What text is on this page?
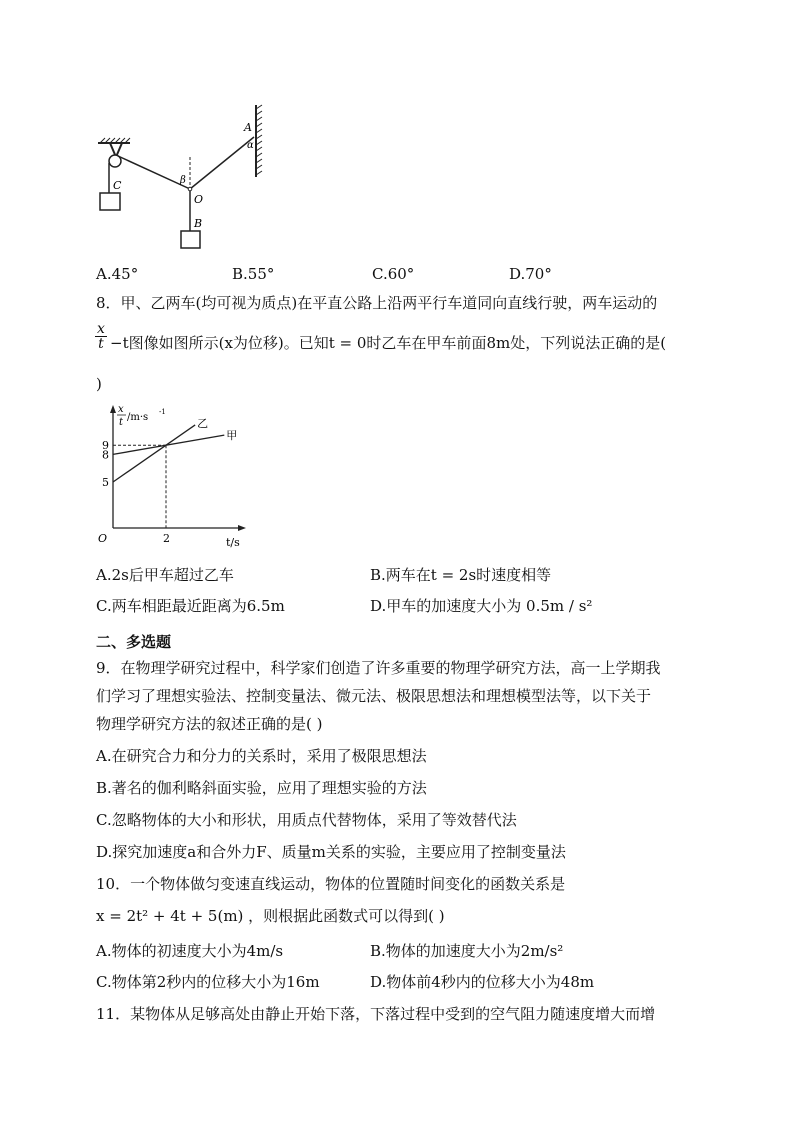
A
α
C	β
O
B
A.45°	B.55°	C.60°	D.70°
8．甲、乙两车(均可视为质点)在平直公路上沿两平行车道同向直线行驶，两车运动的
$\frac{x}{t} -t$图像如图所示(x为位移)。已知t = 0时乙车在甲车前面8m处，下列说法正确的是(
)
x
t /m·s -1
O	t/s
乙
甲
9
8
5
2
A.2s后甲车超过乙车	B.两车在t = 2s时速度相等
C.两车相距最近距离为6.5m	D.甲车的加速度大小为 0.5m / s²
二、多选题
9．在物理学研究过程中，科学家们创造了许多重要的物理学研究方法，高一上学期我
们学习了理想实验法、控制变量法、微元法、极限思想法和理想模型法等，以下关于
物理学研究方法的叙述正确的是( )
A.在研究合力和分力的关系时，采用了极限思想法
B.著名的伽利略斜面实验，应用了理想实验的方法
C.忽略物体的大小和形状，用质点代替物体，采用了等效替代法
D.探究加速度a和合外力F、质量m关系的实验，主要应用了控制变量法
10．一个物体做匀变速直线运动，物体的位置随时间变化的函数关系是
x = 2t² + 4t + 5(m) ，则根据此函数式可以得到( )
A.物体的初速度大小为4m/s	B.物体的加速度大小为2m/s²
C.物体第2秒内的位移大小为16m	D.物体前4秒内的位移大小为48m
11．某物体从足够高处由静止开始下落，下落过程中受到的空气阻力随速度增大而增
